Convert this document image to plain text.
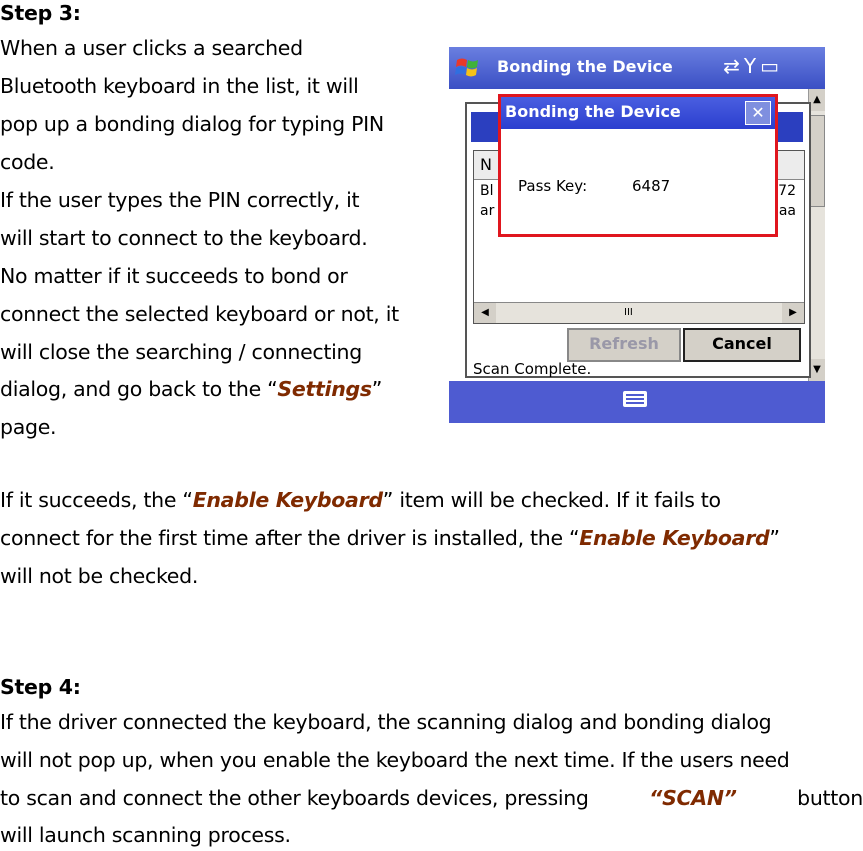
Step 3:
When a user clicks a searched
Bluetooth keyboard in the list, it will
pop up a bonding dialog for typing PIN
code.
If the user types the PIN correctly, it
will start to connect to the keyboard.
No matter if it succeeds to bond or
connect the selected keyboard or not, it
will close the searching / connecting
dialog, and go back to the “Settings”
page.
If it succeeds, the “Enable Keyboard” item will be checked. If it fails to
connect for the first time after the driver is installed, the “Enable Keyboard”
will not be checked.
Step 4:
If the driver connected the keyboard, the scanning dialog and bonding dialog
will not pop up, when you enable the keyboard the next time. If the users need
to scan and connect the other keyboards devices, pressing	“SCAN”	button
will launch scanning process.
Bonding the Device	⇄Y▭
▲
▼
N
Bl	72
ar	aa
◀	III	▶
Refresh	Cancel
Scan Complete.
Bonding the Device	✕
Pass Key:	6487
